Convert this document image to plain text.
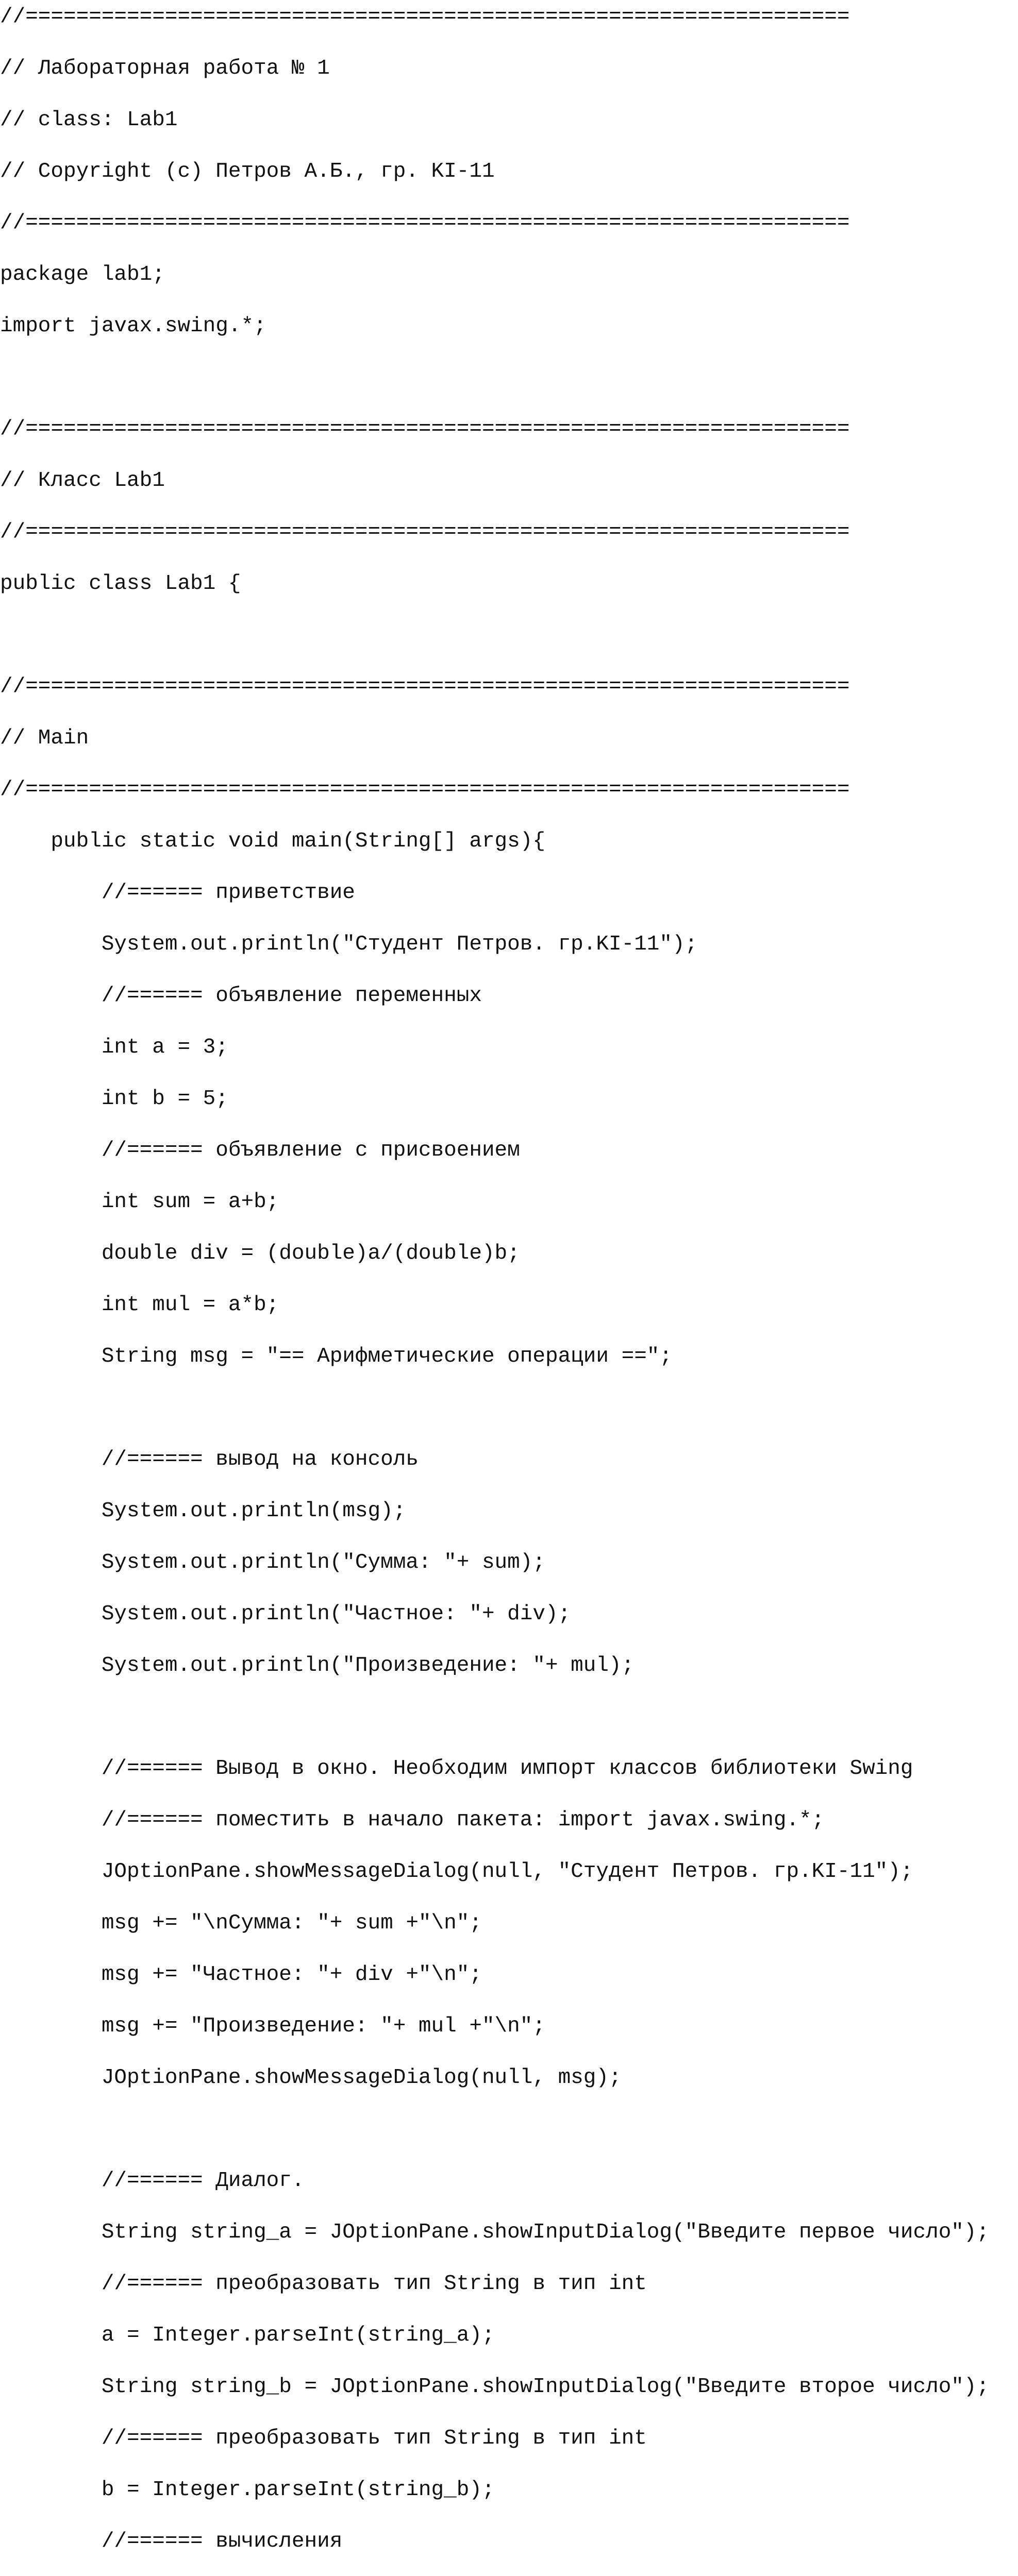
//=================================================================

// Лабораторная работа № 1

// class: Lab1

// Copyright (c) Петров А.Б., гр. KI-11

//=================================================================

package lab1;

import javax.swing.*;

//=================================================================

// Класс Lab1

//=================================================================

public class Lab1 {

//=================================================================

// Main

//=================================================================

public static void main(String[] args){

//====== приветствие

System.out.println("Студент Петров. гр.KI-11");

//====== объявление переменных

int a = 3;

int b = 5;

//====== объявление с присвоением

int sum = a+b;

double div = (double)a/(double)b;

int mul = a*b;

String msg = "== Арифметические операции ==";

//====== вывод на консоль

System.out.println(msg);

System.out.println("Сумма: "+ sum);

System.out.println("Частное: "+ div);

System.out.println("Произведение: "+ mul);

//====== Вывод в окно. Необходим импорт классов библиотеки Swing

//====== поместить в начало пакета: import javax.swing.*;

JOptionPane.showMessageDialog(null, "Студент Петров. гр.KI-11");

msg += "\nСумма: "+ sum +"\n";

msg += "Частное: "+ div +"\n";

msg += "Произведение: "+ mul +"\n";

JOptionPane.showMessageDialog(null, msg);

//====== Диалог.

String string_a = JOptionPane.showInputDialog("Введите первое число");

//====== преобразовать тип String в тип int

a = Integer.parseInt(string_a);

String string_b = JOptionPane.showInputDialog("Введите второе число");

//====== преобразовать тип String в тип int

b = Integer.parseInt(string_b);

//====== вычисления
